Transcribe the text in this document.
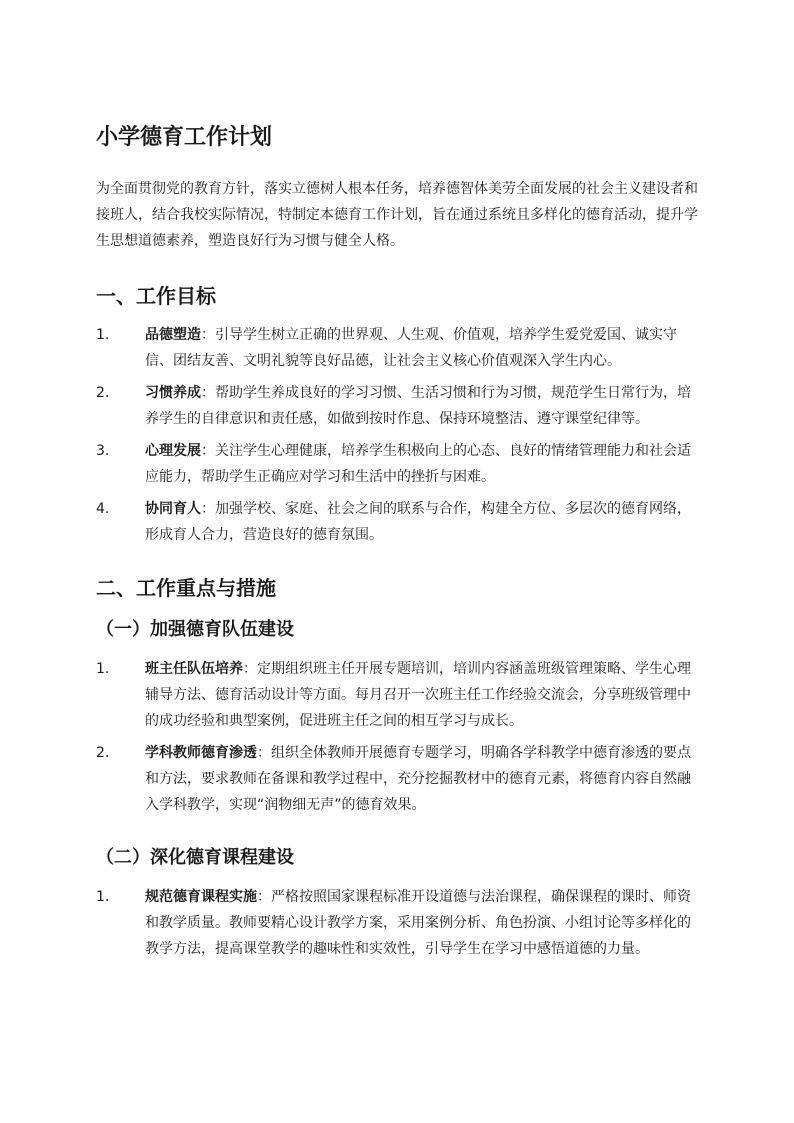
小学德育工作计划

为全面贯彻党的教育方针，落实立德树人根本任务，培养德智体美劳全面发展的社会主义建设者和接班人，结合我校实际情况，特制定本德育工作计划，旨在通过系统且多样化的德育活动，提升学生思想道德素养，塑造良好行为习惯与健全人格。

一、工作目标
1.	品德塑造：引导学生树立正确的世界观、人生观、价值观，培养学生爱党爱国、诚实守信、团结友善、文明礼貌等良好品德，让社会主义核心价值观深入学生内心。
2.	习惯养成：帮助学生养成良好的学习习惯、生活习惯和行为习惯，规范学生日常行为，培养学生的自律意识和责任感，如做到按时作息、保持环境整洁、遵守课堂纪律等。
3.	心理发展：关注学生心理健康，培养学生积极向上的心态、良好的情绪管理能力和社会适应能力，帮助学生正确应对学习和生活中的挫折与困难。
4.	协同育人：加强学校、家庭、社会之间的联系与合作，构建全方位、多层次的德育网络，形成育人合力，营造良好的德育氛围。
二、工作重点与措施
（一）加强德育队伍建设
1.	班主任队伍培养：定期组织班主任开展专题培训，培训内容涵盖班级管理策略、学生心理辅导方法、德育活动设计等方面。每月召开一次班主任工作经验交流会，分享班级管理中的成功经验和典型案例，促进班主任之间的相互学习与成长。
2.	学科教师德育渗透：组织全体教师开展德育专题学习，明确各学科教学中德育渗透的要点和方法，要求教师在备课和教学过程中，充分挖掘教材中的德育元素，将德育内容自然融入学科教学，实现“润物细无声”的德育效果。
（二）深化德育课程建设
1.	规范德育课程实施：严格按照国家课程标准开设道德与法治课程，确保课程的课时、师资和教学质量。教师要精心设计教学方案，采用案例分析、角色扮演、小组讨论等多样化的教学方法，提高课堂教学的趣味性和实效性，引导学生在学习中感悟道德的力量。
